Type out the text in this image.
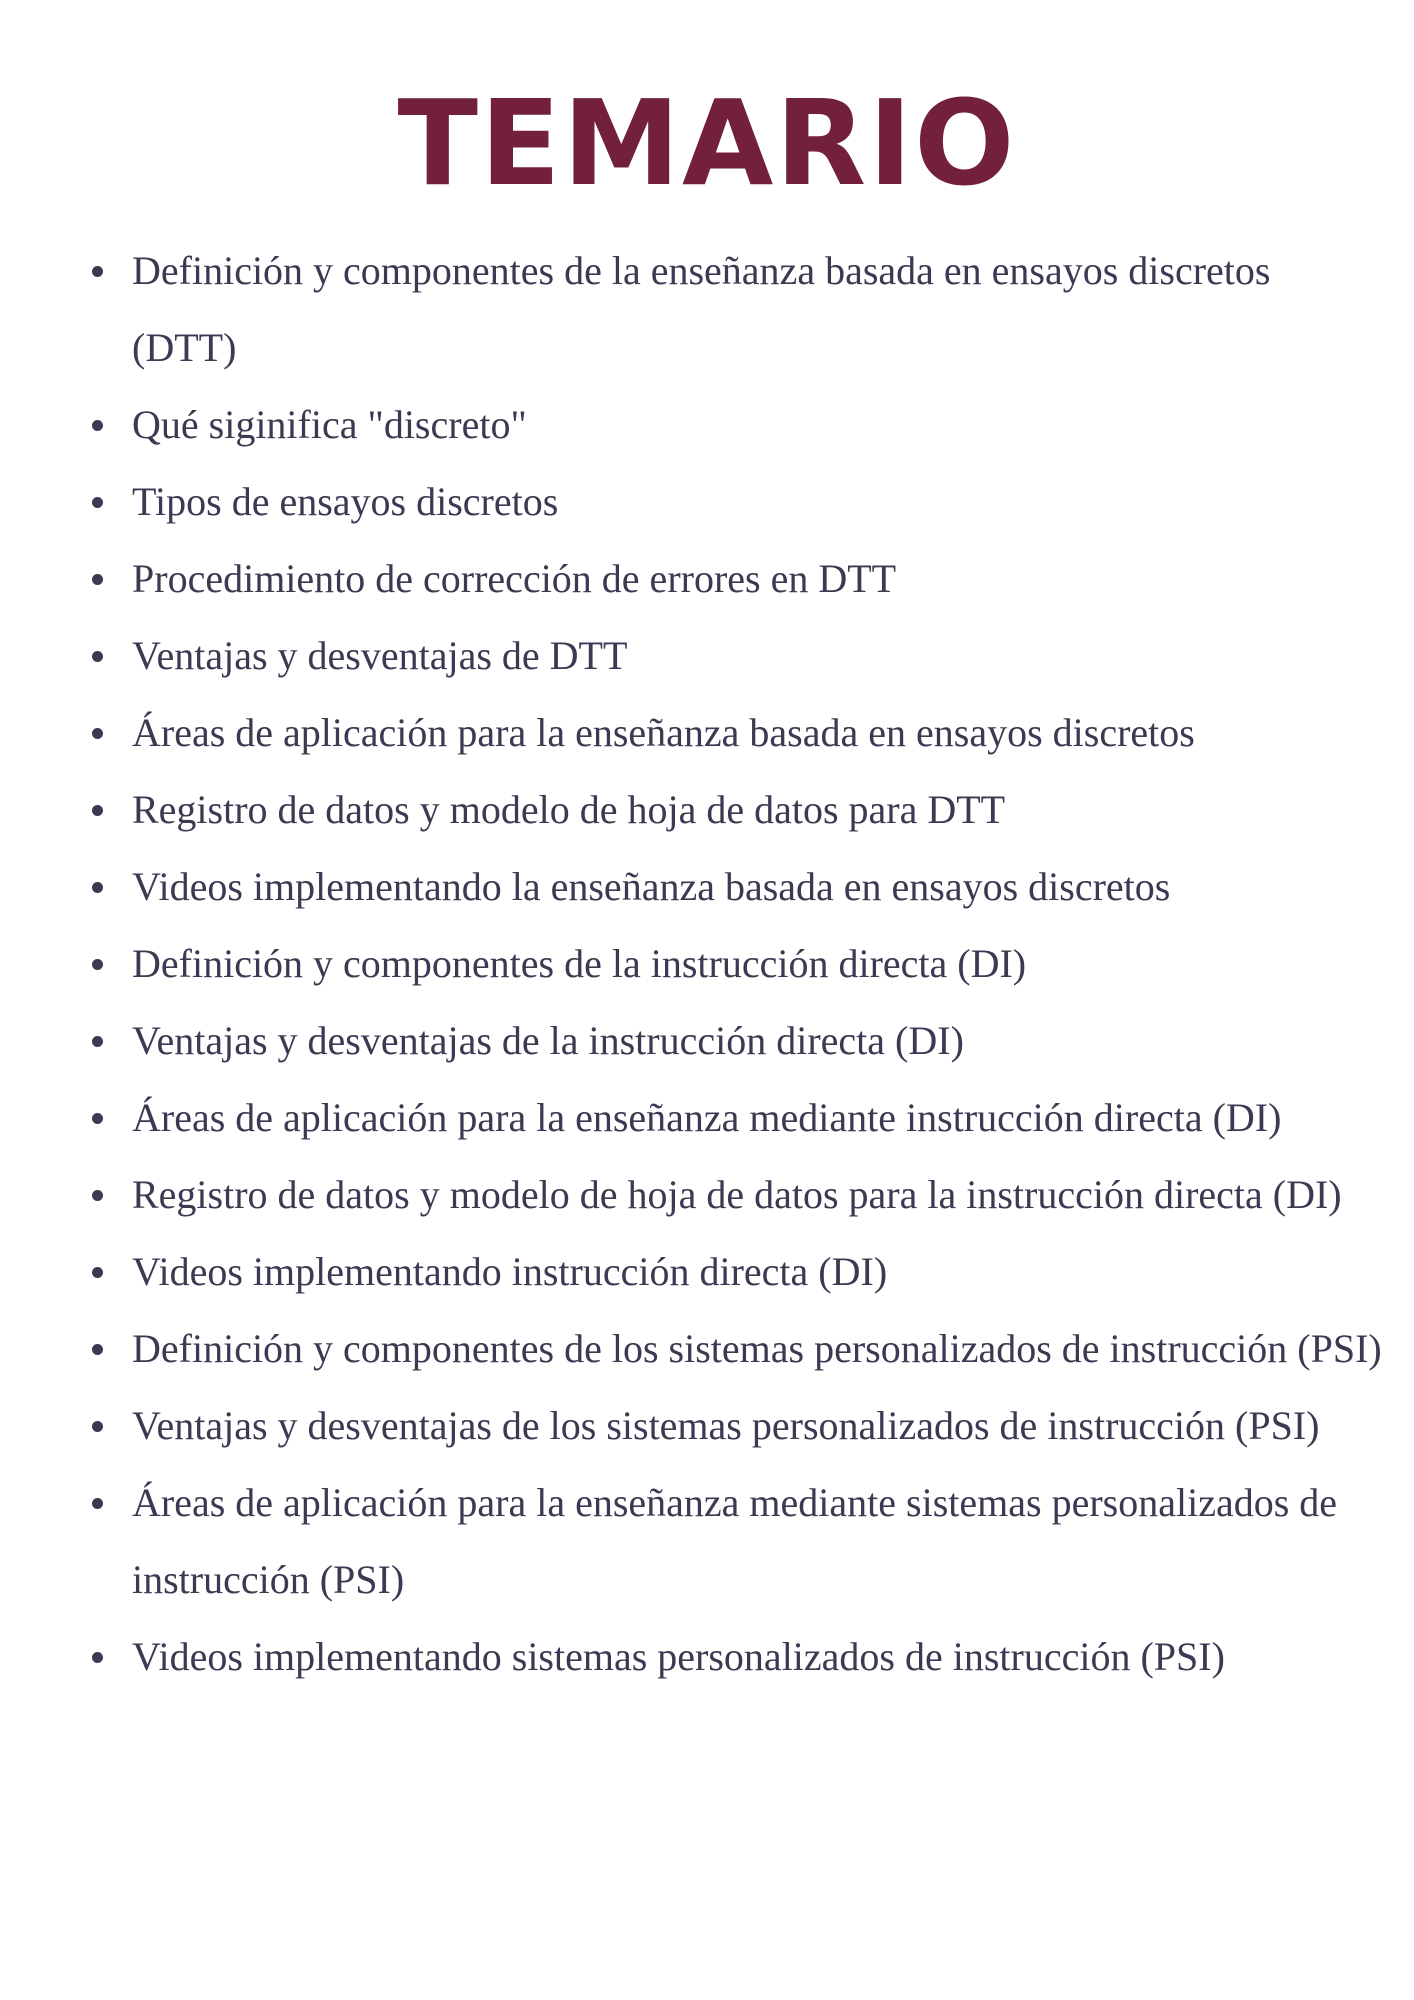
TEMARIO
Definición y componentes de la enseñanza basada en ensayos discretos (DTT)
Qué siginifica "discreto"
Tipos de ensayos discretos
Procedimiento de corrección de errores en DTT
Ventajas y desventajas de DTT
Áreas de aplicación para la enseñanza basada en ensayos discretos
Registro de datos y modelo de hoja de datos para DTT
Videos implementando la enseñanza basada en ensayos discretos
Definición y componentes de la instrucción directa (DI)
Ventajas y desventajas de la instrucción directa (DI)
Áreas de aplicación para la enseñanza mediante instrucción directa (DI)
Registro de datos y modelo de hoja de datos para la instrucción directa (DI)
Videos implementando instrucción directa (DI)
Definición y componentes de los sistemas personalizados de instrucción (PSI)
Ventajas y desventajas de los sistemas personalizados de instrucción (PSI)
Áreas de aplicación para la enseñanza mediante sistemas personalizados de instrucción (PSI)
Videos implementando sistemas personalizados de instrucción (PSI)
